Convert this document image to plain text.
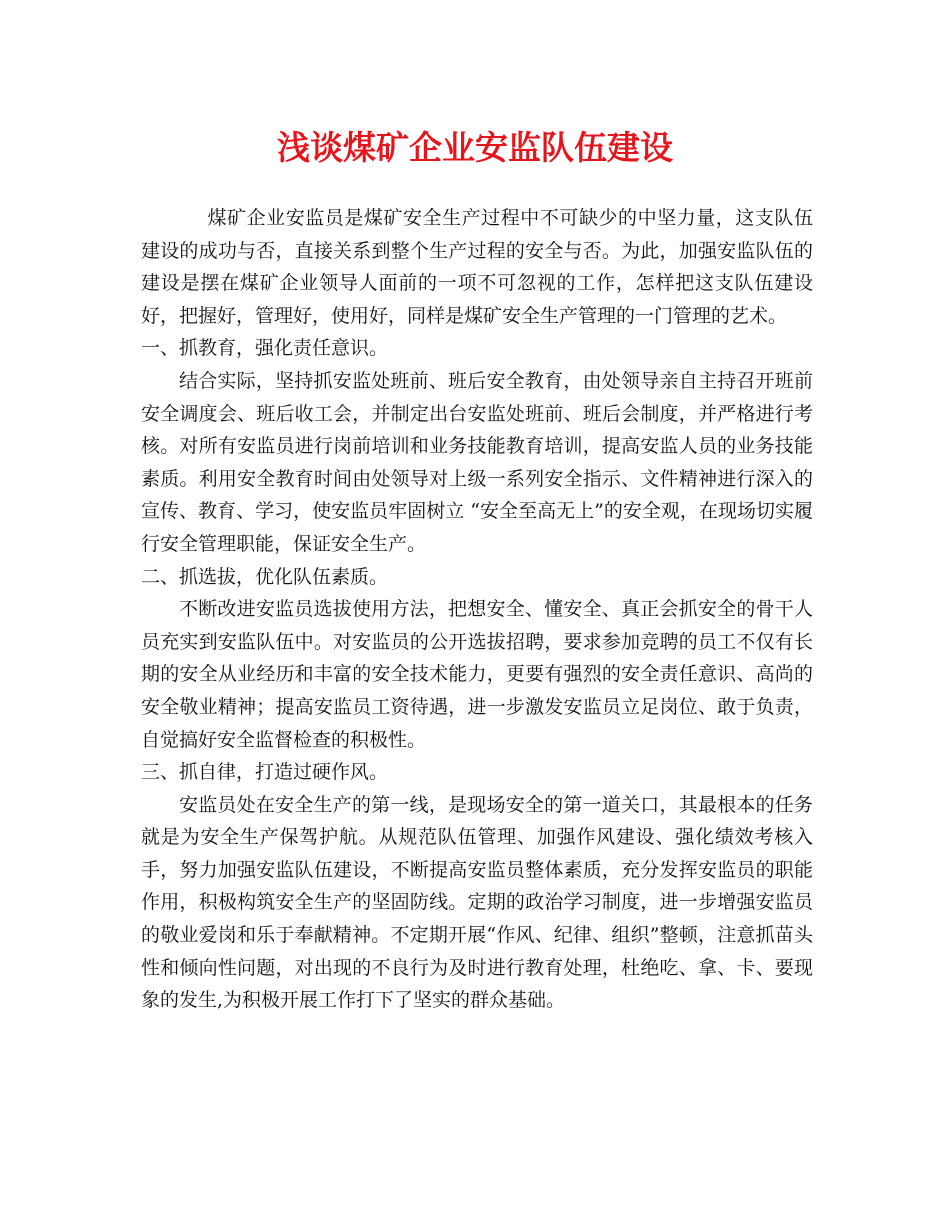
浅谈煤矿企业安监队伍建设

煤矿企业安监员是煤矿安全生产过程中不可缺少的中坚力量，这支队伍建设的成功与否，直接关系到整个生产过程的安全与否。为此，加强安监队伍的建设是摆在煤矿企业领导人面前的一项不可忽视的工作，怎样把这支队伍建设好，把握好，管理好，使用好，同样是煤矿安全生产管理的一门管理的艺术。

一、抓教育，强化责任意识。

结合实际，坚持抓安监处班前、班后安全教育，由处领导亲自主持召开班前安全调度会、班后收工会，并制定出台安监处班前、班后会制度，并严格进行考核。对所有安监员进行岗前培训和业务技能教育培训，提高安监人员的业务技能素质。利用安全教育时间由处领导对上级一系列安全指示、文件精神进行深入的宣传、教育、学习，使安监员牢固树立 “安全至高无上”的安全观，在现场切实履行安全管理职能，保证安全生产。

二、抓选拔，优化队伍素质。

不断改进安监员选拔使用方法，把想安全、懂安全、真正会抓安全的骨干人员充实到安监队伍中。对安监员的公开选拔招聘，要求参加竞聘的员工不仅有长期的安全从业经历和丰富的安全技术能力，更要有强烈的安全责任意识、高尚的安全敬业精神；提高安监员工资待遇，进一步激发安监员立足岗位、敢于负责，自觉搞好安全监督检查的积极性。

三、抓自律，打造过硬作风。

安监员处在安全生产的第一线，是现场安全的第一道关口，其最根本的任务就是为安全生产保驾护航。从规范队伍管理、加强作风建设、强化绩效考核入手，努力加强安监队伍建设，不断提高安监员整体素质，充分发挥安监员的职能作用，积极构筑安全生产的坚固防线。定期的政治学习制度，进一步增强安监员的敬业爱岗和乐于奉献精神。不定期开展“作风、纪律、组织”整顿，注意抓苗头性和倾向性问题，对出现的不良行为及时进行教育处理，杜绝吃、拿、卡、要现象的发生,为积极开展工作打下了坚实的群众基础。
